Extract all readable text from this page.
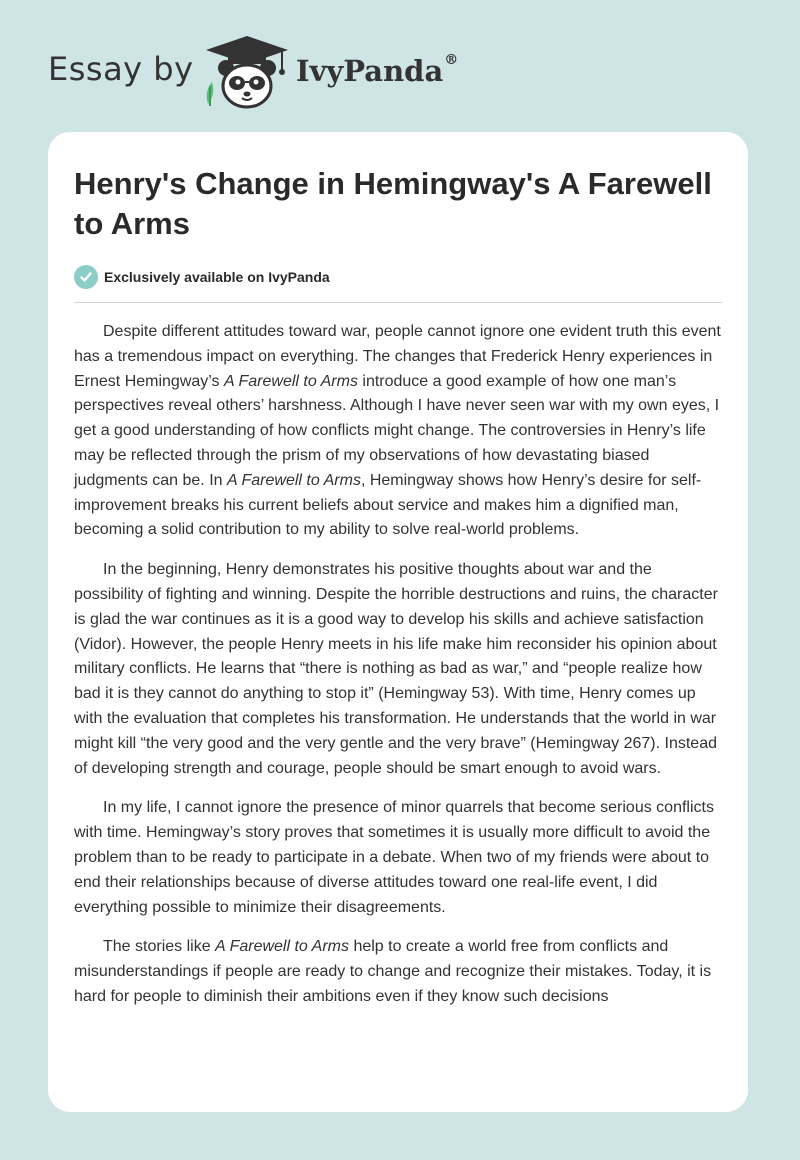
Essay by	IvyPanda®
Henry's Change in Hemingway's A Farewell to Arms
Exclusively available on IvyPanda

Despite different attitudes toward war, people cannot ignore one evident truth this event has a tremendous impact on everything. The changes that Frederick Henry experiences in Ernest Hemingway’s A Farewell to Arms introduce a good example of how one man’s perspectives reveal others’ harshness. Although I have never seen war with my own eyes, I get a good understanding of how conflicts might change. The controversies in Henry’s life may be reflected through the prism of my observations of how devastating biased judgments can be. In A Farewell to Arms, Hemingway shows how Henry’s desire for self-improvement breaks his current beliefs about service and makes him a dignified man, becoming a solid contribution to my ability to solve real-world problems.

In the beginning, Henry demonstrates his positive thoughts about war and the possibility of fighting and winning. Despite the horrible destructions and ruins, the character is glad the war continues as it is a good way to develop his skills and achieve satisfaction (Vidor). However, the people Henry meets in his life make him reconsider his opinion about military conflicts. He learns that “there is nothing as bad as war,” and “people realize how bad it is they cannot do anything to stop it” (Hemingway 53). With time, Henry comes up with the evaluation that completes his transformation. He understands that the world in war might kill “the very good and the very gentle and the very brave” (Hemingway 267). Instead of developing strength and courage, people should be smart enough to avoid wars.

In my life, I cannot ignore the presence of minor quarrels that become serious conflicts with time. Hemingway’s story proves that sometimes it is usually more difficult to avoid the problem than to be ready to participate in a debate. When two of my friends were about to end their relationships because of diverse attitudes toward one real-life event, I did everything possible to minimize their disagreements.

The stories like A Farewell to Arms help to create a world free from conflicts and misunderstandings if people are ready to change and recognize their mistakes. Today, it is hard for people to diminish their ambitions even if they know such decisions
